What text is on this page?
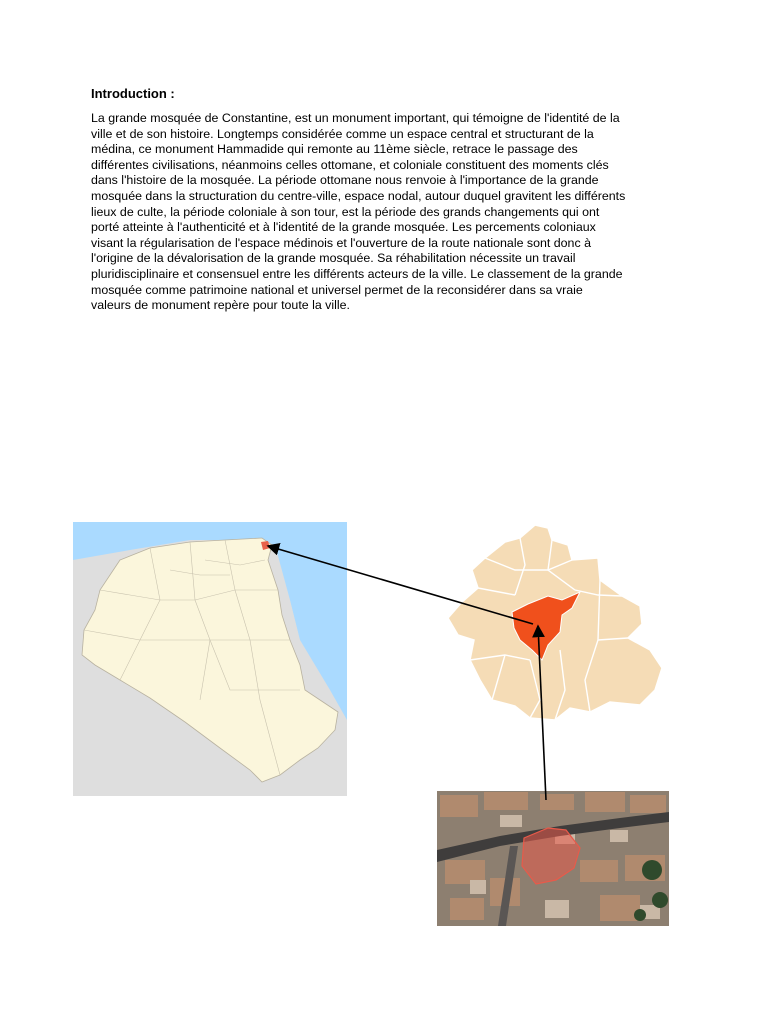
Introduction :

La grande mosquée de Constantine, est un monument important, qui témoigne de l'identité de la
ville et de son histoire. Longtemps considérée comme un espace central et structurant de la
médina, ce monument Hammadide qui remonte au 11ème siècle, retrace le passage des
différentes civilisations, néanmoins celles ottomane, et coloniale constituent des moments clés
dans l'histoire de la mosquée. La période ottomane nous renvoie à l'importance de la grande
mosquée dans la structuration du centre-ville, espace nodal, autour duquel gravitent les différents
lieux de culte, la période coloniale à son tour, est la période des grands changements qui ont
porté atteinte à l'authenticité et à l'identité de la grande mosquée. Les percements coloniaux
visant la régularisation de l'espace médinois et l'ouverture de la route nationale sont donc à
l'origine de la dévalorisation de la grande mosquée. Sa réhabilitation nécessite un travail
pluridisciplinaire et consensuel entre les différents acteurs de la ville. Le classement de la grande
mosquée comme patrimoine national et universel permet de la reconsidérer dans sa vraie
valeurs de monument repère pour toute la ville.
